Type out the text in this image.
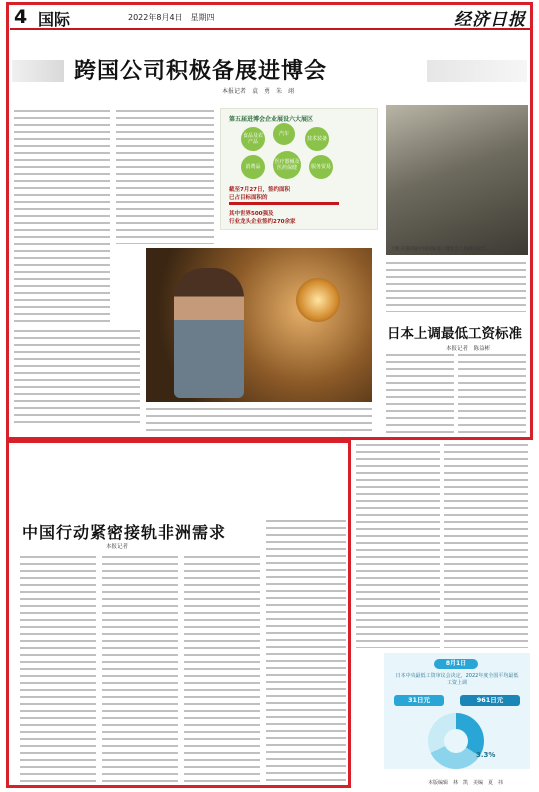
4 国际	2022年8月4日　星期四	经济日报
跨国公司积极备展进博会
本报记者　袁　勇　朱　翊
第五届进博会企业展设六大展区
食品及农产品
汽车
技术装备
消费品
医疗器械及医药保健	服务贸易
截至7月27日，签约面积
已占目标面积的
其中世界500强及
行业龙头企业签约270余家
上图 在第四届中国国际进口博览会上拍摄的展台。
日本上调最低工资标准
本报记者　陈益彬
中国行动紧密接轨非洲需求
本报记者
8月1日
日本中央最低工资审议会决定，2022年度全国平均最低工资上调
31日元	961日元
3.3%
本版编辑　林　凯　美编　夏　祎
